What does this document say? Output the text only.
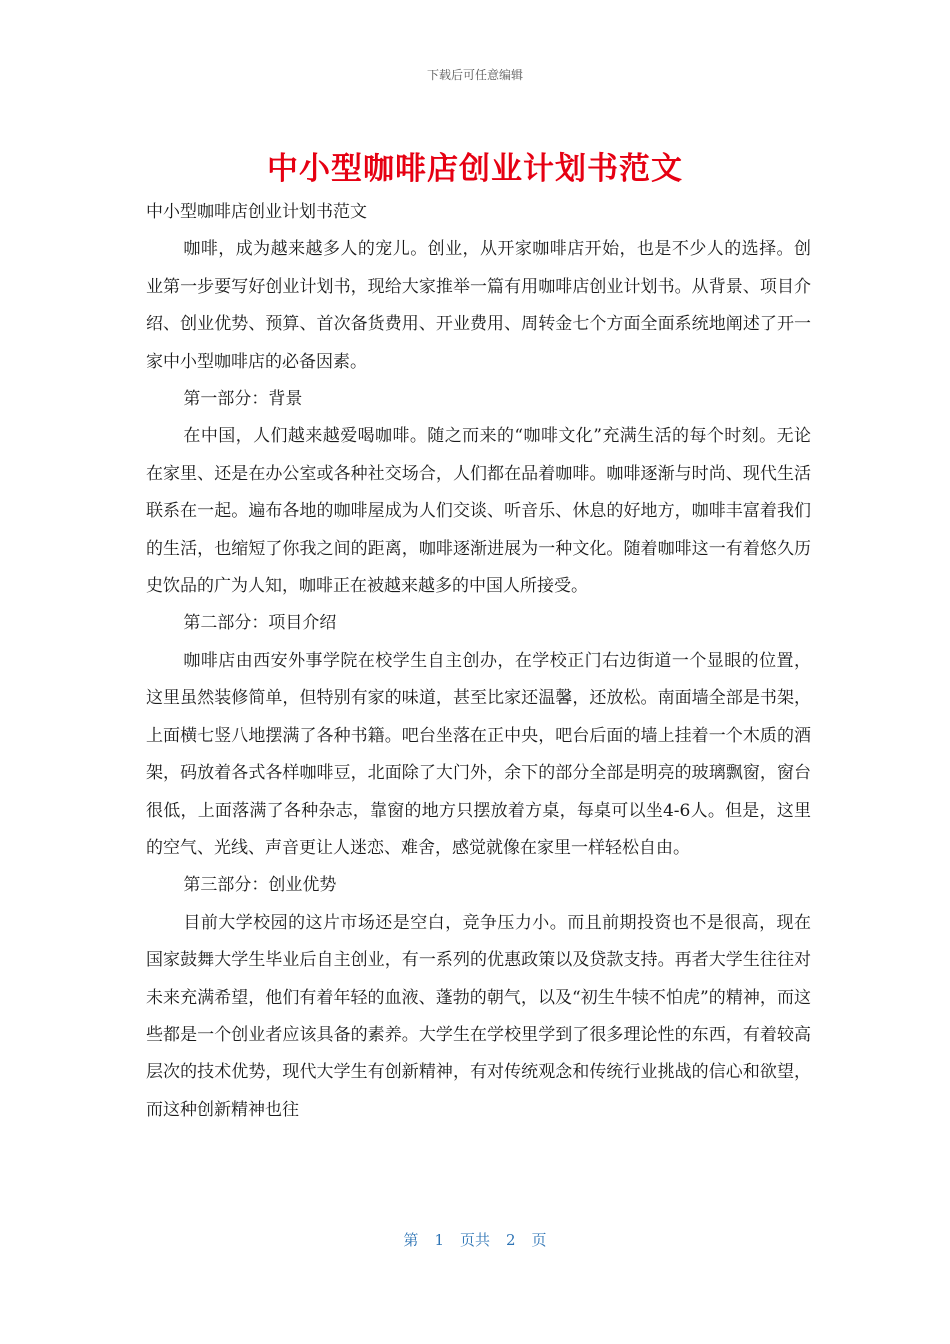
下载后可任意编辑
中小型咖啡店创业计划书范文

中小型咖啡店创业计划书范文

咖啡，成为越来越多人的宠儿。创业，从开家咖啡店开始，也是不少人的选择。创业第一步要写好创业计划书，现给大家推举一篇有用咖啡店创业计划书。从背景、项目介绍、创业优势、预算、首次备货费用、开业费用、周转金七个方面全面系统地阐述了开一家中小型咖啡店的必备因素。

第一部分：背景

在中国，人们越来越爱喝咖啡。随之而来的“咖啡文化”充满生活的每个时刻。无论在家里、还是在办公室或各种社交场合，人们都在品着咖啡。咖啡逐渐与时尚、现代生活联系在一起。遍布各地的咖啡屋成为人们交谈、听音乐、休息的好地方，咖啡丰富着我们的生活，也缩短了你我之间的距离，咖啡逐渐进展为一种文化。随着咖啡这一有着悠久历史饮品的广为人知，咖啡正在被越来越多的中国人所接受。

第二部分：项目介绍

咖啡店由西安外事学院在校学生自主创办，在学校正门右边街道一个显眼的位置，这里虽然装修简单，但特别有家的味道，甚至比家还温馨，还放松。南面墙全部是书架，上面横七竖八地摆满了各种书籍。吧台坐落在正中央，吧台后面的墙上挂着一个木质的酒架，码放着各式各样咖啡豆，北面除了大门外，余下的部分全部是明亮的玻璃飘窗，窗台很低，上面落满了各种杂志，靠窗的地方只摆放着方桌，每桌可以坐4-6人。但是，这里的空气、光线、声音更让人迷恋、难舍，感觉就像在家里一样轻松自由。

第三部分：创业优势

目前大学校园的这片市场还是空白，竞争压力小。而且前期投资也不是很高，现在国家鼓舞大学生毕业后自主创业，有一系列的优惠政策以及贷款支持。再者大学生往往对未来充满希望，他们有着年轻的血液、蓬勃的朝气，以及“初生牛犊不怕虎”的精神，而这些都是一个创业者应该具备的素养。大学生在学校里学到了很多理论性的东西，有着较高层次的技术优势，现代大学生有创新精神，有对传统观念和传统行业挑战的信心和欲望，而这种创新精神也往

第 1 页共 2 页
